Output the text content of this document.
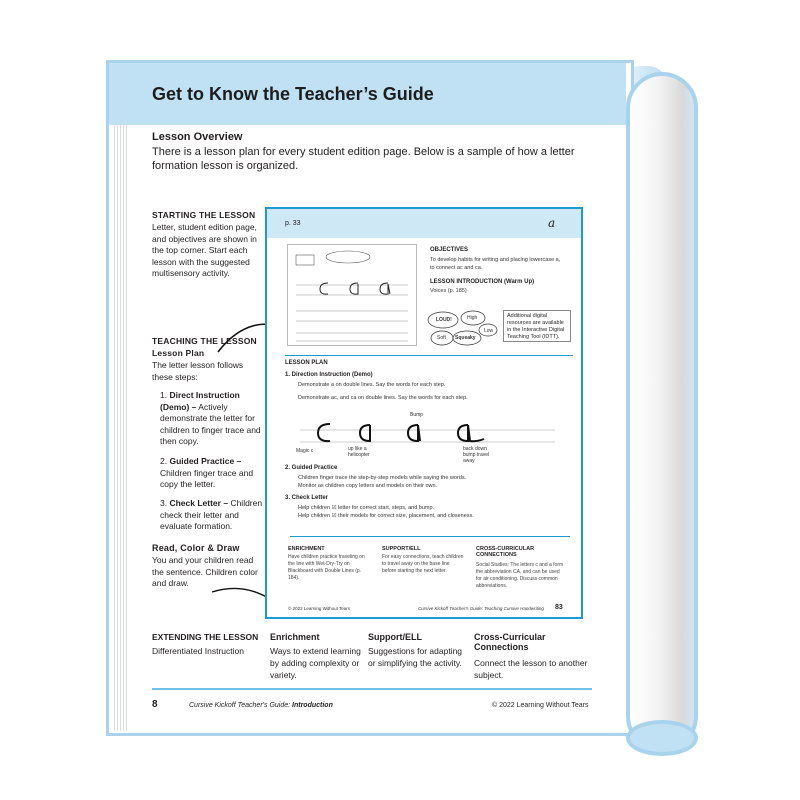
Get to Know the Teacher’s Guide
Lesson Overview
There is a lesson plan for every student edition page. Below is a sample of how a letter formation lesson is organized.
STARTING THE LESSON
Letter, student edition page, and objectives are shown in the top corner. Start each lesson with the suggested multisensory activity.
TEACHING THE LESSON
Lesson Plan
The letter lesson follows these steps:
1. Direct Instruction (Demo) – Actively demonstrate the letter for children to finger trace and then copy.
2. Guided Practice – Children finger trace and copy the letter.
3. Check Letter – Children check their letter and evaluate formation.
Read, Color & Draw
You and your children read the sentence. Children color and draw.
p. 33	a
OBJECTIVES
To develop habits for writing and placing lowercase a,
to connect ac and ca.
LESSON INTRODUCTION (Warm Up)
Voices (p. 185)
LOUD!	High
Low
Soft Squeaky
Additional digital resources are available in the Interactive Digital Teaching Tool (IDTT).
LESSON PLAN
1. Direction Instruction (Demo)
Demonstrate a on double lines. Say the words for each step.
Demonstrate ac, and ca on double lines. Say the words for each step.
Magic c	up like a helicopter
Bump
back down bump travel away
2. Guided Practice
Children finger trace the step-by-step models while saying the words.
Monitor as children copy letters and models on their own.
3. Check Letter
Help children ☑ letter for correct start, steps, and bump.
Help children ☑ their models for correct size, placement, and closeness.
ENRICHMENT
Have children practice traveling on the line with Wet-Dry-Try on Blackboard with Double Lines (p. 184).
SUPPORT/ELL
For easy connections, teach children to travel away on the base line before starting the next letter.
CROSS-CURRICULAR CONNECTIONS
Social Studies: The letters c and a form the abbreviation CA, and can be used for air conditioning. Discuss common abbreviations.
© 2022 Learning Without Tears	Cursive Kickoff Teacher's Guide: Teaching Cursive Handwriting 83
EXTENDING THE LESSON
Differentiated Instruction
Enrichment
Ways to extend learning by adding complexity or variety.
Support/ELL
Suggestions for adapting or simplifying the activity.
Cross-Curricular Connections
Connect the lesson to another subject.
8	Cursive Kickoff Teacher's Guide: Introduction	© 2022 Learning Without Tears
